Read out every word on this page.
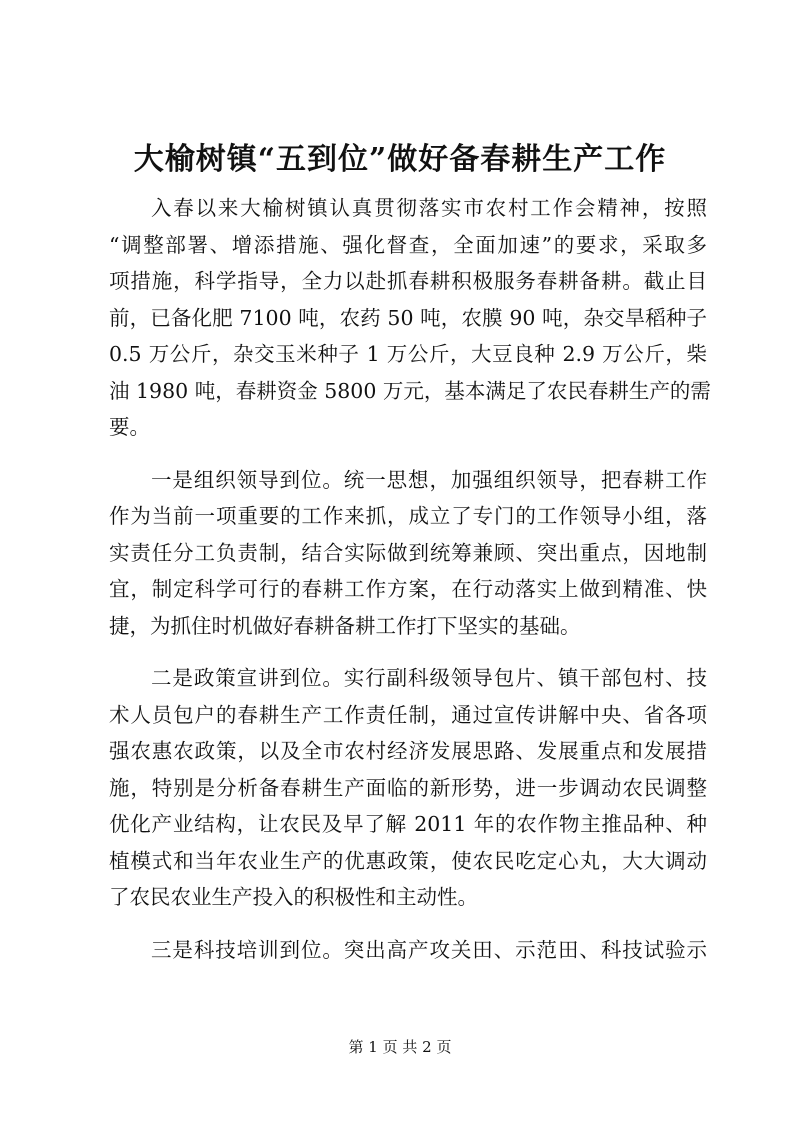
大榆树镇“五到位”做好备春耕生产工作
入春以来大榆树镇认真贯彻落实市农村工作会精神，按照
“调整部署、增添措施、强化督查，全面加速”的要求，采取多
项措施，科学指导，全力以赴抓春耕积极服务春耕备耕。截止目
前，已备化肥 7100 吨，农药 50 吨，农膜 90 吨，杂交旱稻种子
0.5 万公斤，杂交玉米种子 1 万公斤，大豆良种 2.9 万公斤，柴
油 1980 吨，春耕资金 5800 万元，基本满足了农民春耕生产的需
要。
一是组织领导到位。统一思想，加强组织领导，把春耕工作
作为当前一项重要的工作来抓，成立了专门的工作领导小组，落
实责任分工负责制，结合实际做到统筹兼顾、突出重点，因地制
宜，制定科学可行的春耕工作方案，在行动落实上做到精准、快
捷，为抓住时机做好春耕备耕工作打下坚实的基础。
二是政策宣讲到位。实行副科级领导包片、镇干部包村、技
术人员包户的春耕生产工作责任制，通过宣传讲解中央、省各项
强农惠农政策，以及全市农村经济发展思路、发展重点和发展措
施，特别是分析备春耕生产面临的新形势，进一步调动农民调整
优化产业结构，让农民及早了解 2011 年的农作物主推品种、种
植模式和当年农业生产的优惠政策，使农民吃定心丸，大大调动
了农民农业生产投入的积极性和主动性。
三是科技培训到位。突出高产攻关田、示范田、科技试验示
第 1 页 共 2 页
